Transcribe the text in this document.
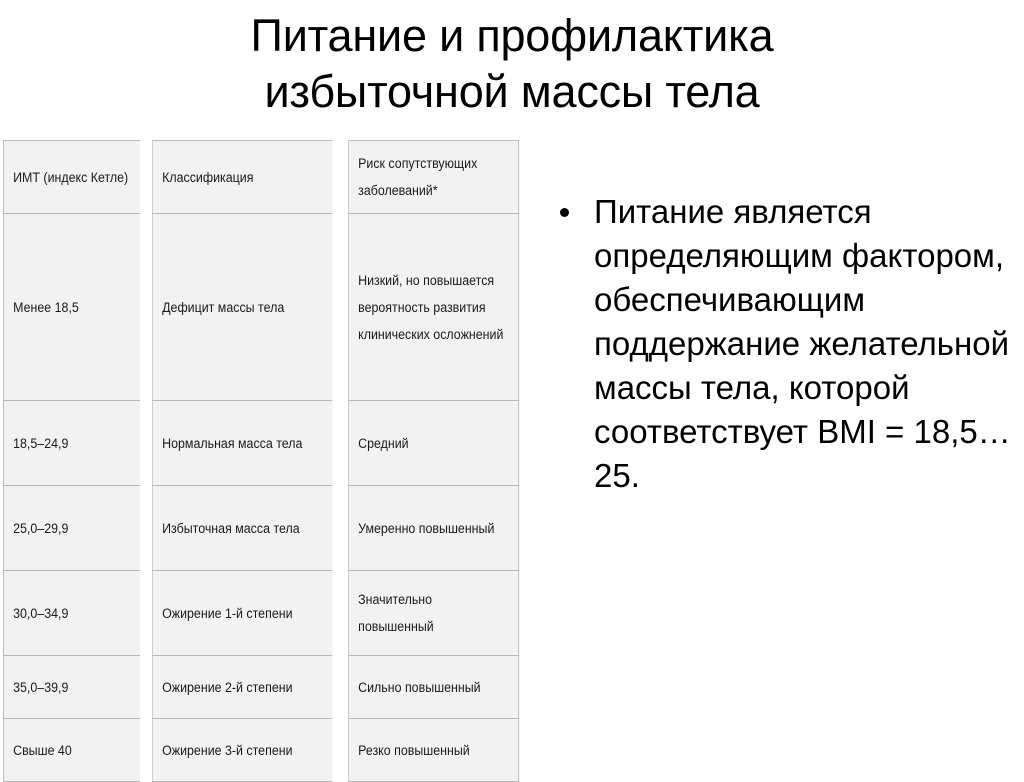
Питание и профилактика
избыточной массы тела
ИМТ (индекс Кетле)	Классификация	Риск сопутствующих заболеваний*
Менее 18,5	Дефицит массы тела	Низкий, но повышается вероятность развития клинических осложнений
18,5–24,9	Нормальная масса тела	Средний
25,0–29,9	Избыточная масса тела	Умеренно повышенный
30,0–34,9	Ожирение 1-й степени	Значительно повышенный
35,0–39,9	Ожирение 2-й степени	Сильно повышенный
Свыше 40	Ожирение 3-й степени	Резко повышенный
Питание является определяющим фактором, обеспечивающим поддержание желательной массы тела, которой соответствует BMI = 18,5…25.
